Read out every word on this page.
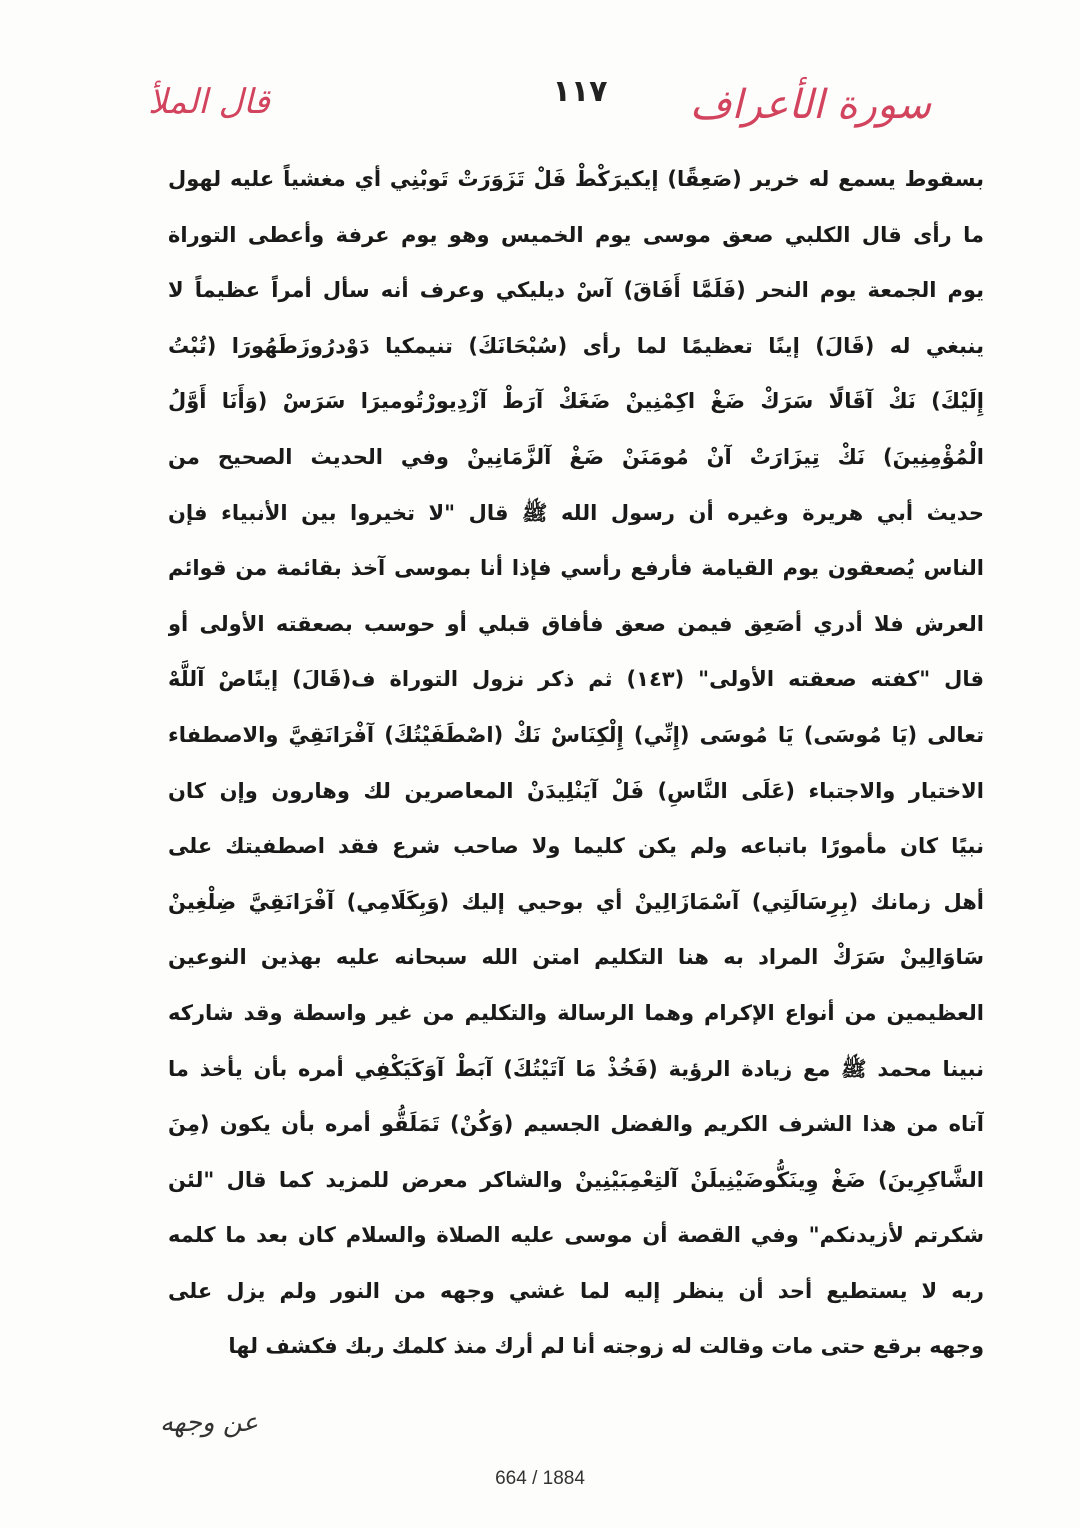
سورة الأعراف
١١٧
قال الملأ
بسقوط يسمع له خرير (صَعِقًا) إيكيرَكْطْ فَلْ تَزَوَرَتْ تَوبْنِي أي مغشياً عليه لهول
ما رأى قال الكلبي صعق موسى يوم الخميس وهو يوم عرفة وأعطى التوراة
يوم الجمعة يوم النحر (فَلَمَّا أَفَاقَ) آسْ ديليكي وعرف أنه سأل أمراً عظيماً لا
ينبغي له (قَالَ) إينًا تعظيمًا لما رأى (سُبْحَانَكَ) تنيمكيا دَوْدرُوزَطَهُورَا (تُبْتُ
إِلَيْكَ) نَكْ آقَالًا سَرَكْ ضَغْ اكِمْنِينْ ضَغَكْ آرَطْ آزْدِيورْتُوميرَا سَرَسْ (وَأَنَا أَوَّلُ
الْمُؤْمِنِينَ) نَكْ تِيزَارَتْ آنْ مُومَنَنْ ضَغْ آلزَّمَانِينْ وفي الحديث الصحيح من
حديث أبي هريرة وغيره أن رسول الله ﷺ قال "لا تخيروا بين الأنبياء فإن
الناس يُصعقون يوم القيامة فأرفع رأسي فإذا أنا بموسى آخذ بقائمة من قوائم
العرش فلا أدري أصَعِق فيمن صعق فأفاق قبلي أو حوسب بصعقته الأولى أو
قال "كفته صعقته الأولى" (١٤٣) ثم ذكر نزول التوراة ف(قَالَ) إينًاصْ آللَّهْ
تعالى (يَا مُوسَى) يَا مُوسَى (إِنِّي) إِلْكِنَاسْ نَكْ (اصْطَفَيْتُكَ) آفْرَانَقِيَّ والاصطفاء
الاختيار والاجتباء (عَلَى النَّاسِ) فَلْ آيَنْلِيدَنْ المعاصرين لك وهارون وإن كان
نبيًا كان مأمورًا باتباعه ولم يكن كليما ولا صاحب شرع فقد اصطفيتك على
أهل زمانك (بِرِسَالَتِي) آسْمَازَالِينْ أي بوحيي إليك (وَبِكَلَامِي) آفْرَانَقِيَّ ضِلْغِينْ
سَاوَالِينْ سَرَكْ المراد به هنا التكليم امتن الله سبحانه عليه بهذين النوعين
العظيمين من أنواع الإكرام وهما الرسالة والتكليم من غير واسطة وقد شاركه
نبينا محمد ﷺ مع زيادة الرؤية (فَخُذْ مَا آتَيْتُكَ) آبَطْ آوَكَيَكْفِي أمره بأن يأخذ ما
آتاه من هذا الشرف الكريم والفضل الجسيم (وَكُنْ) تَمَلَقُّو أمره بأن يكون (مِنَ
الشَّاكِرِينَ) ضَغْ وِينَكُّوضَيْنِيلَنْ آلتِعْمِبَيْنِينْ والشاكر معرض للمزيد كما قال "لئن
شكرتم لأزيدنكم" وفي القصة أن موسى عليه الصلاة والسلام كان بعد ما كلمه
ربه لا يستطيع أحد أن ينظر إليه لما غشي وجهه من النور ولم يزل على
وجهه برقع حتى مات وقالت له زوجته أنا لم أرك منذ كلمك ربك فكشف لها
عن وجهه
664 / 1884
